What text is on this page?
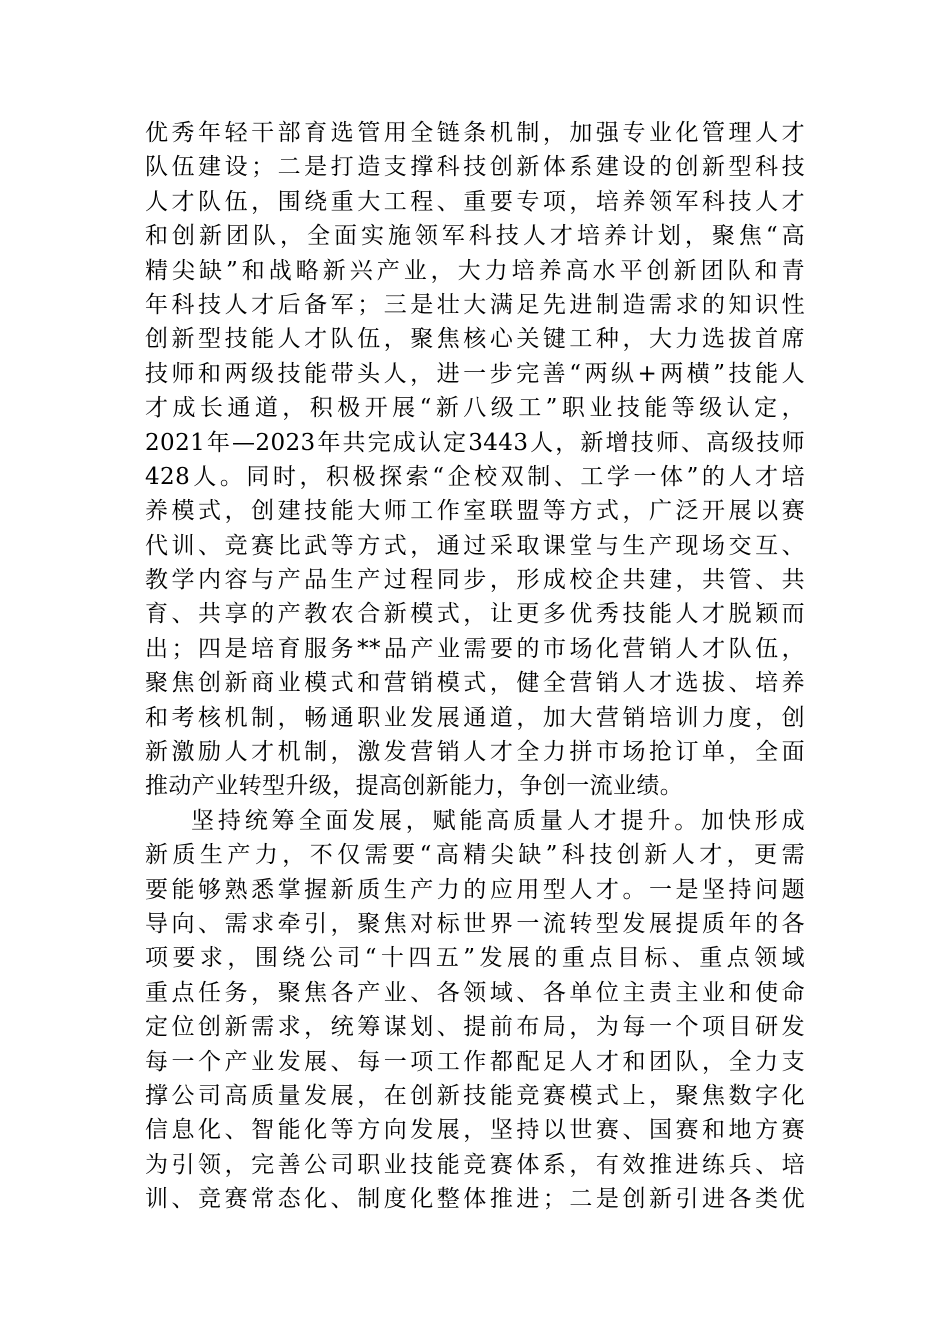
优秀年轻干部育选管用全链条机制，加强专业化管理人才
队伍建设；二是打造支撑科技创新体系建设的创新型科技
人才队伍，围绕重大工程、重要专项，培养领军科技人才
和创新团队，全面实施领军科技人才培养计划，聚焦“高
精尖缺”和战略新兴产业，大力培养高水平创新团队和青
年科技人才后备军；三是壮大满足先进制造需求的知识性
创新型技能人才队伍，聚焦核心关键工种，大力选拔首席
技师和两级技能带头人，进一步完善“两纵+两横”技能人
才成长通道，积极开展“新八级工”职业技能等级认定，
2021年—2023年共完成认定3443人，新增技师、高级技师
428人。同时，积极探索“企校双制、工学一体”的人才培
养模式，创建技能大师工作室联盟等方式，广泛开展以赛
代训、竞赛比武等方式，通过采取课堂与生产现场交互、
教学内容与产品生产过程同步，形成校企共建，共管、共
育、共享的产教农合新模式，让更多优秀技能人才脱颖而
出；四是培育服务**品产业需要的市场化营销人才队伍，
聚焦创新商业模式和营销模式，健全营销人才选拔、培养
和考核机制，畅通职业发展通道，加大营销培训力度，创
新激励人才机制，激发营销人才全力拼市场抢订单，全面
推动产业转型升级，提高创新能力，争创一流业绩。
坚持统筹全面发展，赋能高质量人才提升。加快形成
新质生产力，不仅需要“高精尖缺”科技创新人才，更需
要能够熟悉掌握新质生产力的应用型人才。一是坚持问题
导向、需求牵引，聚焦对标世界一流转型发展提质年的各
项要求，围绕公司“十四五”发展的重点目标、重点领域
重点任务，聚焦各产业、各领域、各单位主责主业和使命
定位创新需求，统筹谋划、提前布局，为每一个项目研发
每一个产业发展、每一项工作都配足人才和团队，全力支
撑公司高质量发展，在创新技能竞赛模式上，聚焦数字化
信息化、智能化等方向发展，坚持以世赛、国赛和地方赛
为引领，完善公司职业技能竞赛体系，有效推进练兵、培
训、竞赛常态化、制度化整体推进；二是创新引进各类优
